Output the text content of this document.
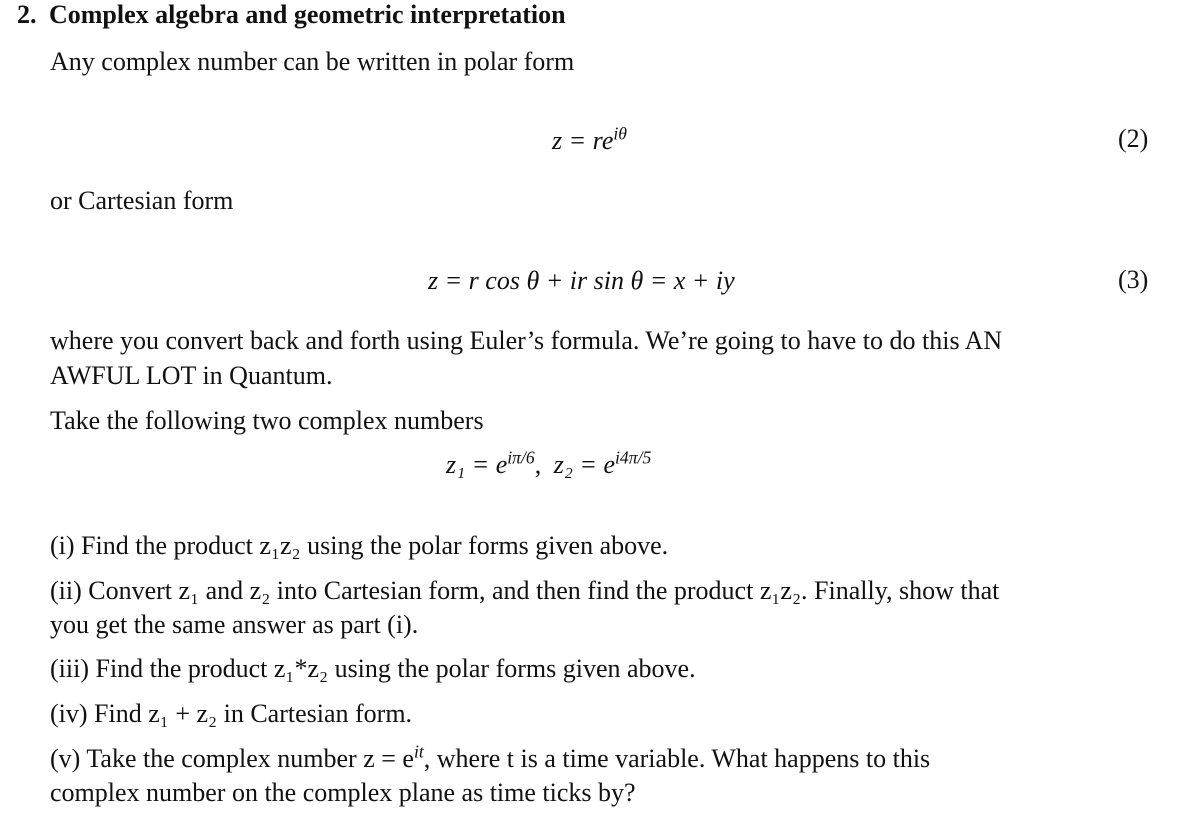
2. Complex algebra and geometric interpretation
Any complex number can be written in polar form
$z = re^{i\theta}$	(2)
or Cartesian form
z = r cos θ + ir sin θ = x + iy	(3)
where you convert back and forth using Euler’s formula. We’re going to have to do this AN
AWFUL LOT in Quantum.
Take the following two complex numbers
$z_1 = e^{i\pi/6}$, $z_2 = e^{i4\pi/5}$
(i) Find the product z₁z₂ using the polar forms given above.
(ii) Convert z₁ and z₂ into Cartesian form, and then find the product z₁z₂. Finally, show that
you get the same answer as part (i).
(iii) Find the product z₁*z₂ using the polar forms given above.
(iv) Find z₁ + z₂ in Cartesian form.
(v) Take the complex number $z = e^{it}$, where t is a time variable. What happens to this
complex number on the complex plane as time ticks by?
